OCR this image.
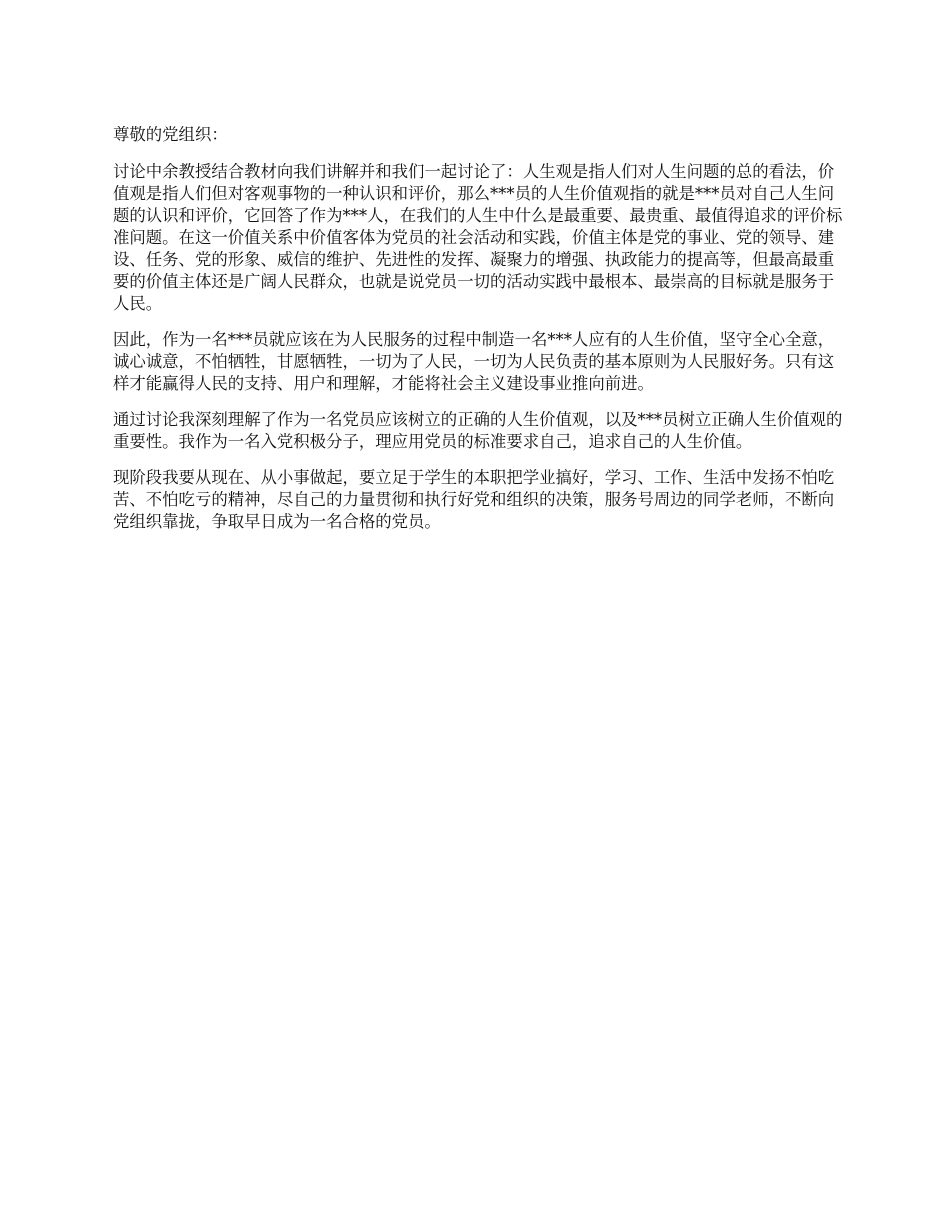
尊敬的党组织：

讨论中余教授结合教材向我们讲解并和我们一起讨论了：人生观是指人们对人生问题的总的看法，价值观是指人们但对客观事物的一种认识和评价，那么***员的人生价值观指的就是***员对自己人生问题的认识和评价，它回答了作为***人，在我们的人生中什么是最重要、最贵重、最值得追求的评价标准问题。在这一价值关系中价值客体为党员的社会活动和实践，价值主体是党的事业、党的领导、建设、任务、党的形象、威信的维护、先进性的发挥、凝聚力的增强、执政能力的提高等，但最高最重要的价值主体还是广阔人民群众，也就是说党员一切的活动实践中最根本、最崇高的目标就是服务于人民。

因此，作为一名***员就应该在为人民服务的过程中制造一名***人应有的人生价值，坚守全心全意，诚心诚意，不怕牺牲，甘愿牺牲，一切为了人民，一切为人民负责的基本原则为人民服好务。只有这样才能赢得人民的支持、用户和理解，才能将社会主义建设事业推向前进。

通过讨论我深刻理解了作为一名党员应该树立的正确的人生价值观，以及***员树立正确人生价值观的重要性。我作为一名入党积极分子，理应用党员的标准要求自己，追求自己的人生价值。

现阶段我要从现在、从小事做起，要立足于学生的本职把学业搞好，学习、工作、生活中发扬不怕吃苦、不怕吃亏的精神，尽自己的力量贯彻和执行好党和组织的决策，服务号周边的同学老师，不断向党组织靠拢，争取早日成为一名合格的党员。
